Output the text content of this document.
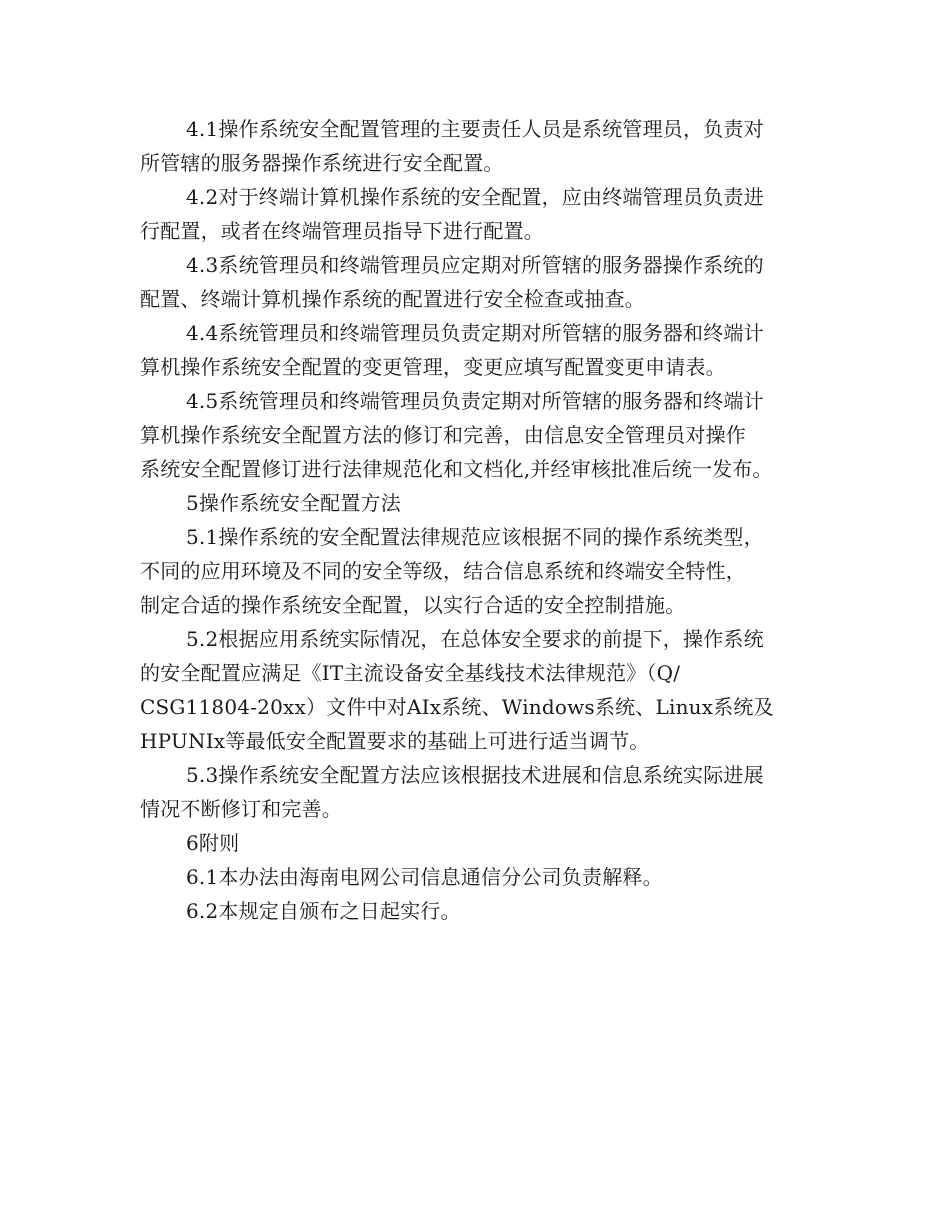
4.1操作系统安全配置管理的主要责任人员是系统管理员，负责对
所管辖的服务器操作系统进行安全配置。
4.2对于终端计算机操作系统的安全配置，应由终端管理员负责进
行配置，或者在终端管理员指导下进行配置。
4.3系统管理员和终端管理员应定期对所管辖的服务器操作系统的
配置、终端计算机操作系统的配置进行安全检查或抽查。
4.4系统管理员和终端管理员负责定期对所管辖的服务器和终端计
算机操作系统安全配置的变更管理，变更应填写配置变更申请表。
4.5系统管理员和终端管理员负责定期对所管辖的服务器和终端计
算机操作系统安全配置方法的修订和完善，由信息安全管理员对操作
系统安全配置修订进行法律规范化和文档化,并经审核批准后统一发布。
5操作系统安全配置方法
5.1操作系统的安全配置法律规范应该根据不同的操作系统类型，
不同的应用环境及不同的安全等级，结合信息系统和终端安全特性，
制定合适的操作系统安全配置，以实行合适的安全控制措施。
5.2根据应用系统实际情况，在总体安全要求的前提下，操作系统
的安全配置应满足《IT主流设备安全基线技术法律规范》（Q/
CSG11804-20xx）文件中对AIx系统、Windows系统、Linux系统及
HPUNIx等最低安全配置要求的基础上可进行适当调节。
5.3操作系统安全配置方法应该根据技术进展和信息系统实际进展
情况不断修订和完善。
6附则
6.1本办法由海南电网公司信息通信分公司负责解释。
6.2本规定自颁布之日起实行。
